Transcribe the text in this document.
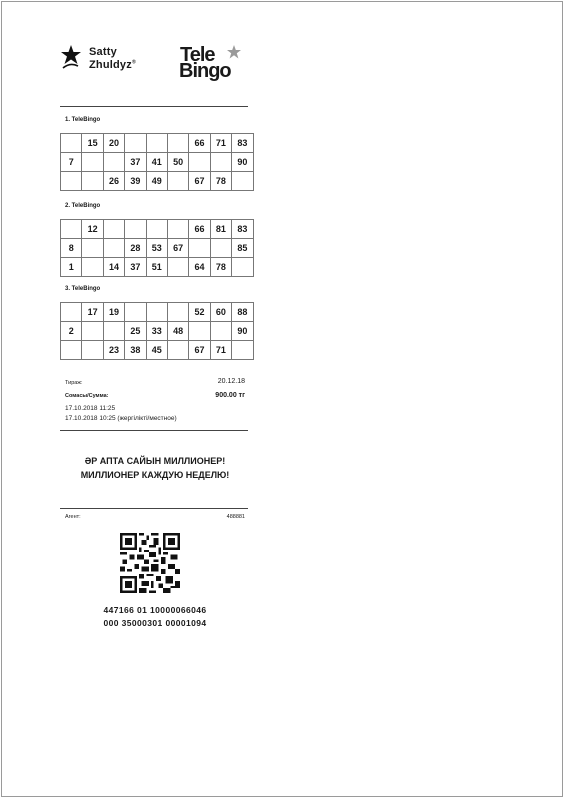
Satty
Zhuldyz® Tele
Bingo
1. TeleBingo
	15	20				66	71	83
7			37	41	50			90
		26	39	49		67	78	
2. TeleBingo
	12					66	81	83
8			28	53	67			85
1		14	37	51		64	78	
3. TeleBingo
	17	19				52	60	88
2			25	33	48			90
		23	38	45		67	71	
Тираж:	20.12.18
Сомасы/Сумма:	900.00 тг
17.10.2018 11:25
17.10.2018 10:25 (жергілікті/местное)
ӘР АПТА САЙЫН МИЛЛИОНЕР!
МИЛЛИОНЕР КАЖДУЮ НЕДЕЛЮ!
Агент:	488881
447166 01 10000066046
000 35000301 00001094
